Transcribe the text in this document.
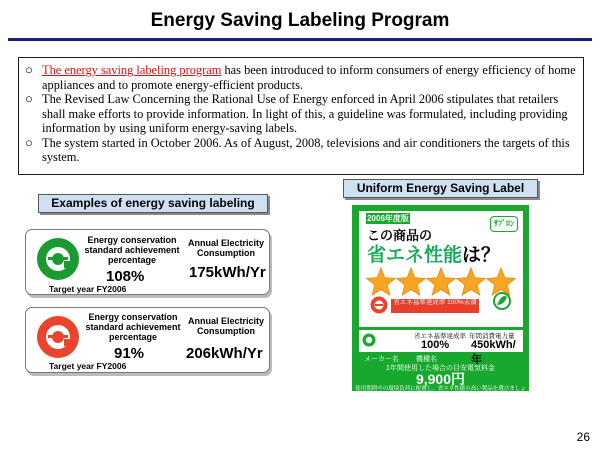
Energy Saving Labeling Program
○ The energy saving labeling program has been introduced to inform consumers of energy efficiency of home appliances and to promote energy-efficient products.
○ The Revised Law Concerning the Rational Use of Energy enforced in April 2006 stipulates that retailers shall make efforts to provide information. In light of this, a guideline was formulated, including providing information by using uniform energy-saving labels.
○ The system started in October 2006. As of August, 2008, televisions and air conditioners the targets of this system.
Examples of energy saving labeling
Uniform Energy Saving Label
Energy conservation standard achievement percentage
Annual Electricity Consumption
108%	175kWh/Yr
Target year FY2006
Energy conservation standard achievement percentage
Annual Electricity Consumption
91%	206kWh/Yr
Target year FY2006
2006年度版
ｻﾌﾞﾛﾝ
この商品の
省エネ性能は？
省エネ基準達成率 100%未満
省エネ基準達成率
100%
年間消費電力量
450kWh/年
メーカー名 機種名
1年間使用した場合の目安電気料金
9,900円
使用期間中の環境負荷に配慮し、省エネ性能の高い製品を選びましょう。
26
